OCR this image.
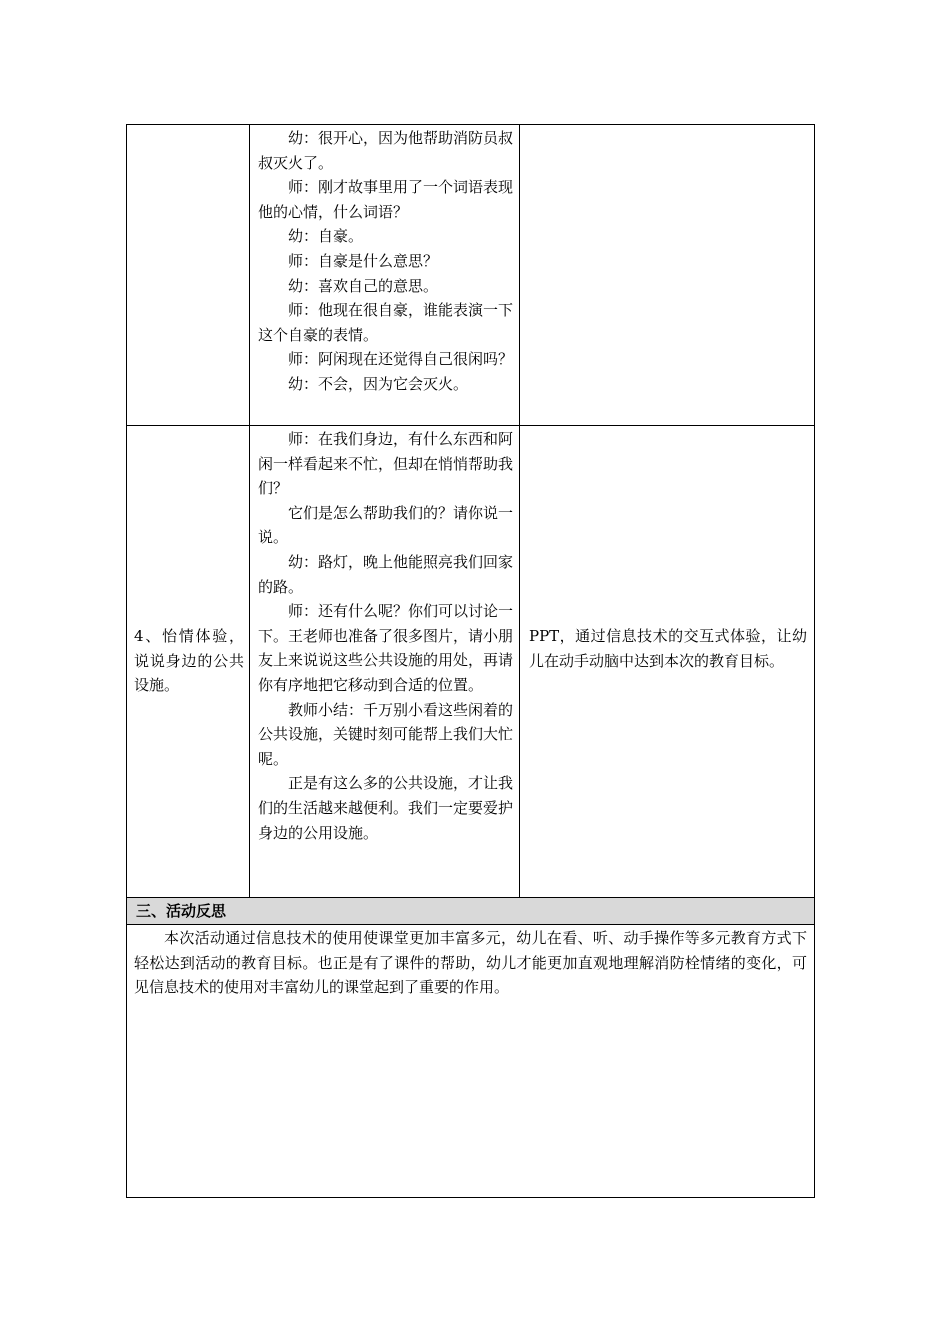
幼：很开心，因为他帮助消防员叔叔灭火了。

师：刚才故事里用了一个词语表现他的心情，什么词语？

幼：自豪。

师：自豪是什么意思？

幼：喜欢自己的意思。

师：他现在很自豪，谁能表演一下这个自豪的表情。

师：阿闲现在还觉得自己很闲吗？

幼：不会，因为它会灭火。

4、怡情体验，说说身边的公共设施。

师：在我们身边，有什么东西和阿闲一样看起来不忙，但却在悄悄帮助我们？

它们是怎么帮助我们的？请你说一说。

幼：路灯，晚上他能照亮我们回家的路。

师：还有什么呢？你们可以讨论一下。王老师也准备了很多图片，请小朋友上来说说这些公共设施的用处，再请你有序地把它移动到合适的位置。

教师小结：千万别小看这些闲着的公共设施，关键时刻可能帮上我们大忙呢。

正是有这么多的公共设施，才让我们的生活越来越便利。我们一定要爱护身边的公用设施。

PPT，通过信息技术的交互式体验，让幼儿在动手动脑中达到本次的教育目标。

三、活动反思

本次活动通过信息技术的使用使课堂更加丰富多元，幼儿在看、听、动手操作等多元教育方式下轻松达到活动的教育目标。也正是有了课件的帮助，幼儿才能更加直观地理解消防栓情绪的变化，可见信息技术的使用对丰富幼儿的课堂起到了重要的作用。
